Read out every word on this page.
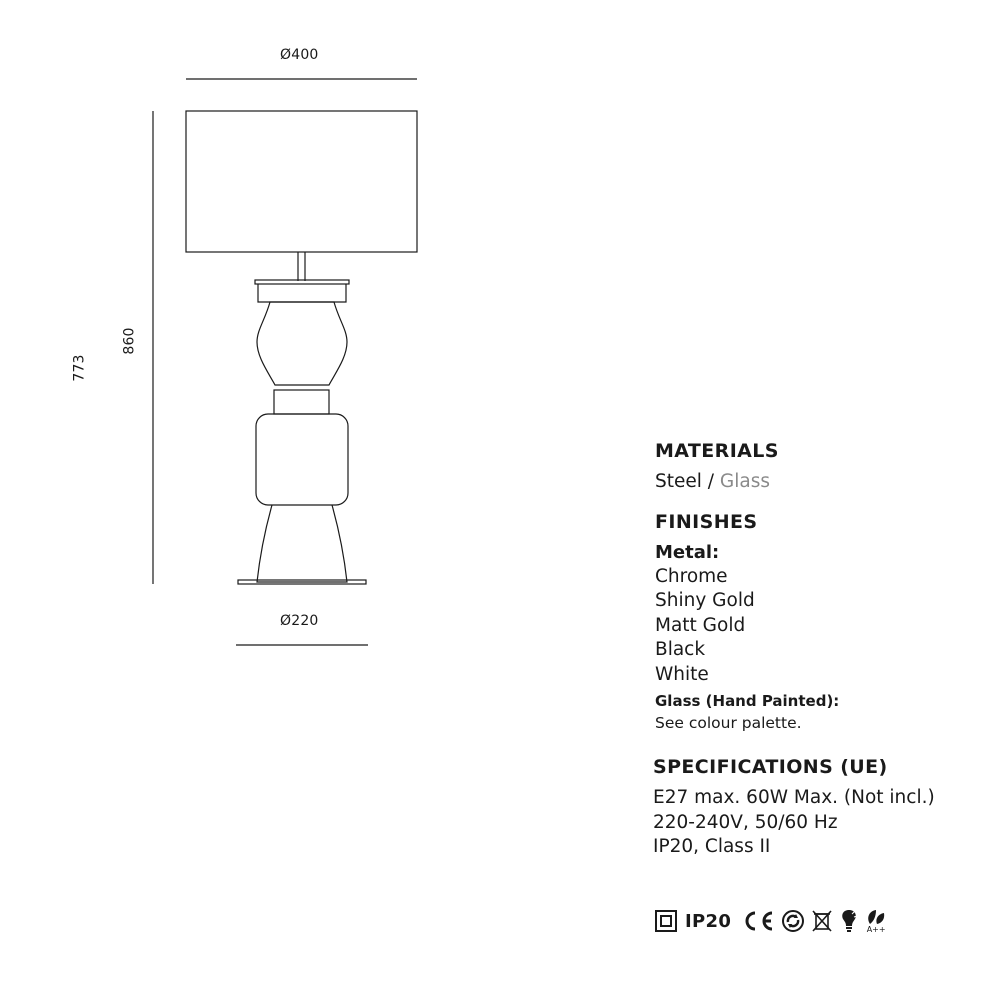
Ø400
Ø220
860
773
MATERIALS
Steel / Glass
FINISHES
Metal:
Chrome
Shiny Gold
Matt Gold
Black
White
Glass (Hand Painted):
See colour palette.
SPECIFICATIONS (UE)
E27 max. 60W Max. (Not incl.)
220-240V, 50/60 Hz
IP20, Class II
IP20	A++
